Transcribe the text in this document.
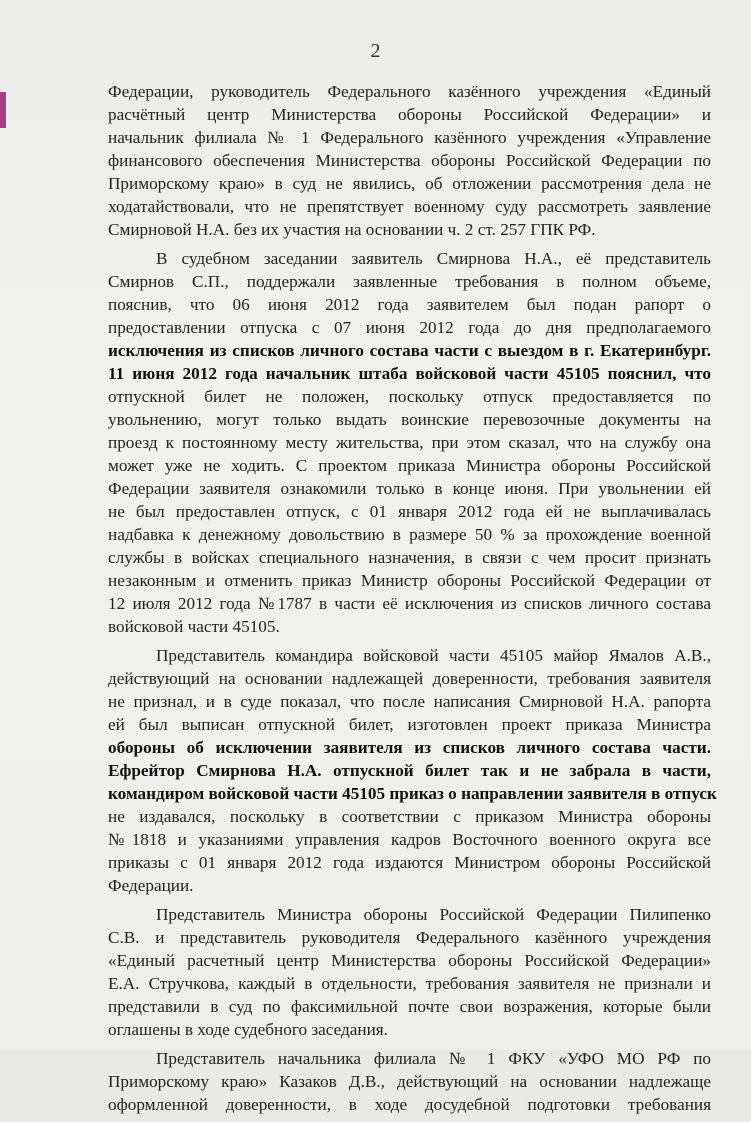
2

Федерации, руководитель Федерального казённого учреждения «Единый
расчётный центр Министерства обороны Российской Федерации» и
начальник филиала № 1 Федерального казённого учреждения «Управление
финансового обеспечения Министерства обороны Российской Федерации по
Приморскому краю» в суд не явились, об отложении рассмотрения дела не
ходатайствовали, что не препятствует военному суду рассмотреть заявление
Смирновой Н.А. без их участия на основании ч. 2 ст. 257 ГПК РФ.

В судебном заседании заявитель Смирнова Н.А., её представитель
Смирнов С.П., поддержали заявленные требования в полном объеме,
пояснив, что 06 июня 2012 года заявителем был подан рапорт о
предоставлении отпуска с 07 июня 2012 года до дня предполагаемого
исключения из списков личного состава части с выездом в г. Екатеринбург.
11 июня 2012 года начальник штаба войсковой части 45105 пояснил, что
отпускной билет не положен, поскольку отпуск предоставляется по
увольнению, могут только выдать воинские перевозочные документы на
проезд к постоянному месту жительства, при этом сказал, что на службу она
может уже не ходить. С проектом приказа Министра обороны Российской
Федерации заявителя ознакомили только в конце июня. При увольнении ей
не был предоставлен отпуск, с 01 января 2012 года ей не выплачивалась
надбавка к денежному довольствию в размере 50 % за прохождение военной
службы в войсках специального назначения, в связи с чем просит признать
незаконным и отменить приказ Министр обороны Российской Федерации от
12 июля 2012 года №1787 в части её исключения из списков личного состава
войсковой части 45105.

Представитель командира войсковой части 45105 майор Ямалов А.В.,
действующий на основании надлежащей доверенности, требования заявителя
не признал, и в суде показал, что после написания Смирновой Н.А. рапорта
ей был выписан отпускной билет, изготовлен проект приказа Министра
обороны об исключении заявителя из списков личного состава части.
Ефрейтор Смирнова Н.А. отпускной билет так и не забрала в части,
командиром войсковой части 45105 приказ о направлении заявителя в отпуск
не издавался, поскольку в соответствии с приказом Министра обороны
№1818 и указаниями управления кадров Восточного военного округа все
приказы с 01 января 2012 года издаются Министром обороны Российской
Федерации.

Представитель Министра обороны Российской Федерации Пилипенко
С.В. и представитель руководителя Федерального казённого учреждения
«Единый расчетный центр Министерства обороны Российской Федерации»
Е.А. Стручкова, каждый в отдельности, требования заявителя не признали и
представили в суд по факсимильной почте свои возражения, которые были
оглашены в ходе судебного заседания.

Представитель начальника филиала № 1 ФКУ «УФО МО РФ по
Приморскому краю» Казаков Д.В., действующий на основании надлежаще
оформленной доверенности, в ходе досудебной подготовки требования
